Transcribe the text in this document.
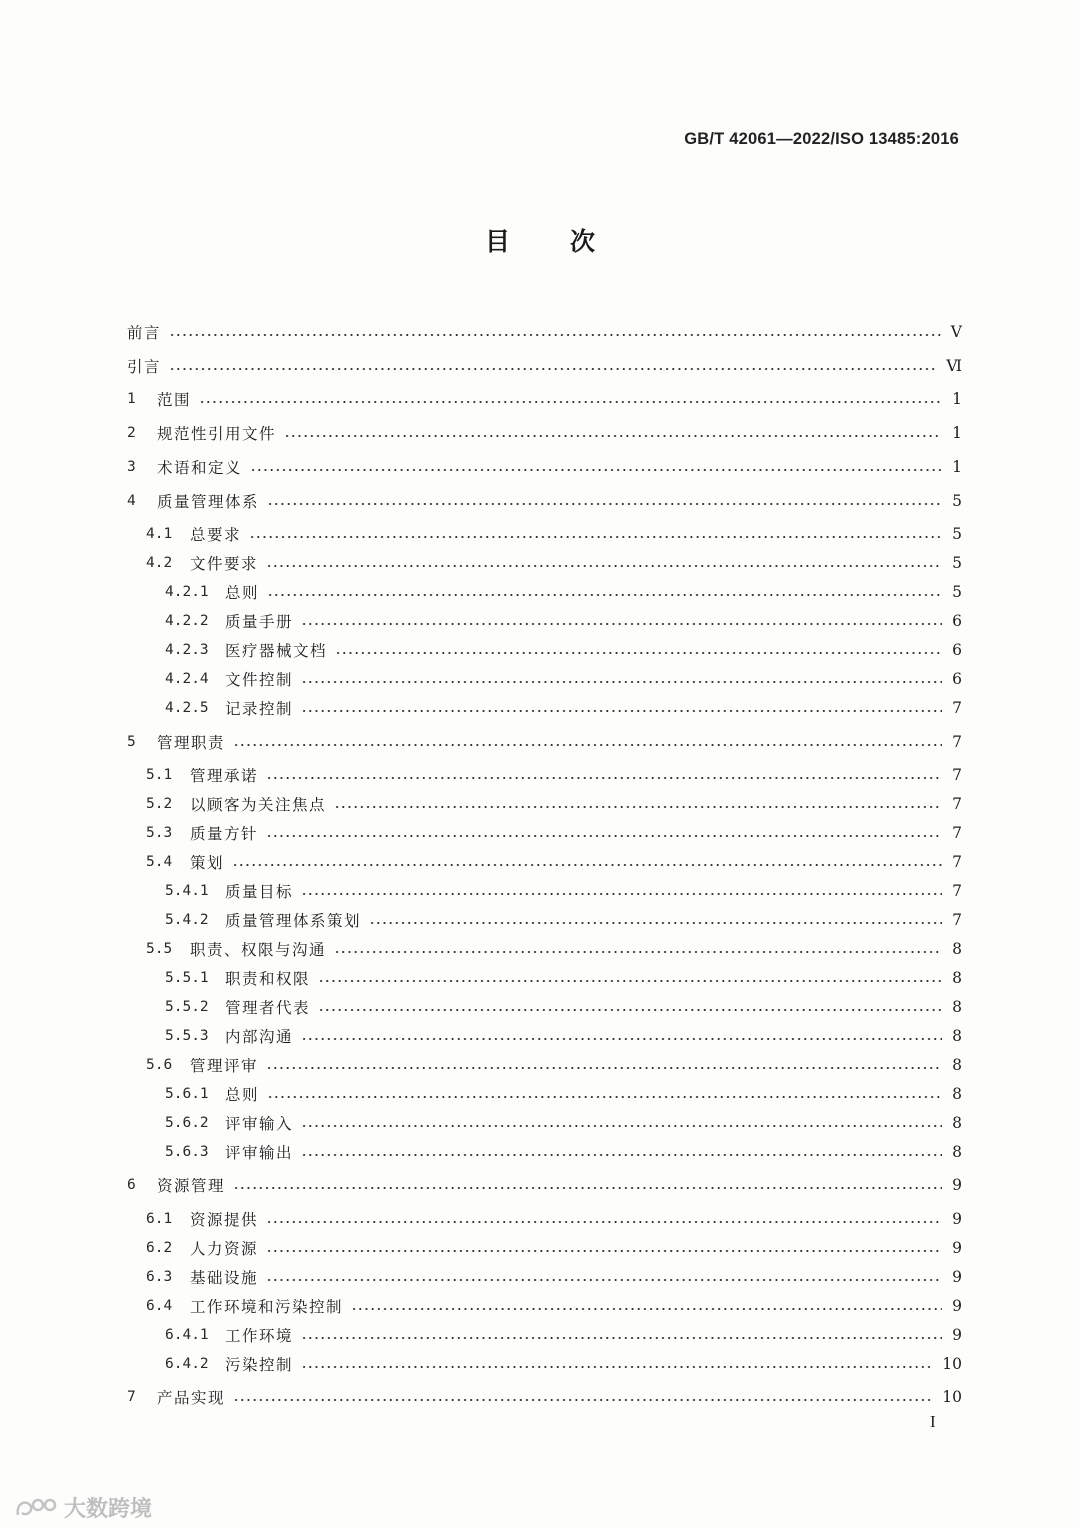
GB/T 42061—2022/ISO 13485:2016
目 次
前言	V
引言	Ⅵ
1	范围	1
2	规范性引用文件	1
3	术语和定义	1
4	质量管理体系	5
4.1	总要求	5
4.2	文件要求	5
4.2.1	总则	5
4.2.2	质量手册	6
4.2.3	医疗器械文档	6
4.2.4	文件控制	6
4.2.5	记录控制	7
5	管理职责	7
5.1	管理承诺	7
5.2	以顾客为关注焦点	7
5.3	质量方针	7
5.4	策划	7
5.4.1	质量目标	7
5.4.2	质量管理体系策划	7
5.5	职责、权限与沟通	8
5.5.1	职责和权限	8
5.5.2	管理者代表	8
5.5.3	内部沟通	8
5.6	管理评审	8
5.6.1	总则	8
5.6.2	评审输入	8
5.6.3	评审输出	8
6	资源管理	9
6.1	资源提供	9
6.2	人力资源	9
6.3	基础设施	9
6.4	工作环境和污染控制	9
6.4.1	工作环境	9
6.4.2	污染控制	10
7	产品实现	10
I
大数跨境
